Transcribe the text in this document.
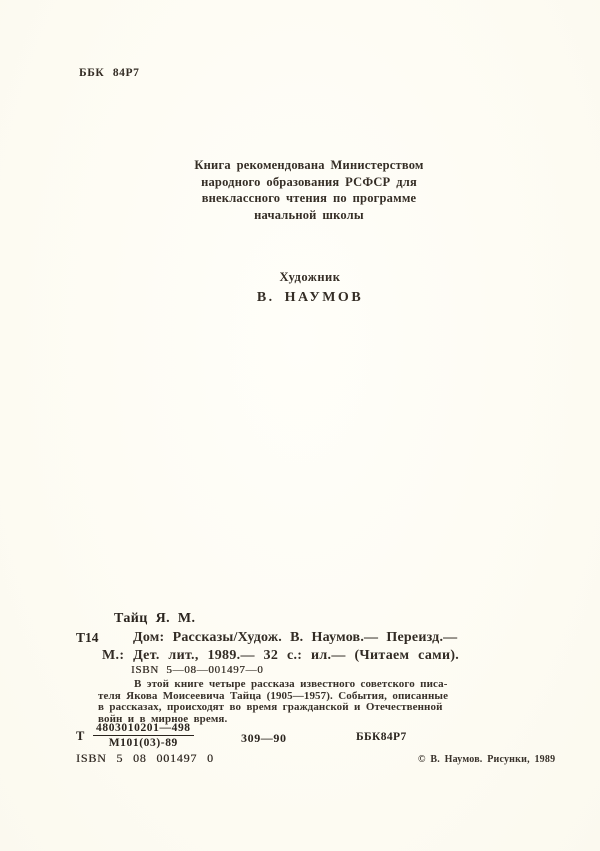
ББК 84Р7
Книга рекомендована Министерством
народного образования РСФСР для
внеклассного чтения по программе
начальной школы
Художник
В. НАУМОВ
Тайц Я. М.
Т14 Дом: Рассказы/Худож. В. Наумов.— Переизд.—
М.: Дет. лит., 1989.— 32 с.: ил.— (Читаем сами).
ISBN 5—08—001497—0
В этой книге четыре рассказа известного советского писа-
теля Якова Моисеевича Тайца (1905—1957). События, описанные
в рассказах, происходят во время гражданской и Отечественной
войн и в мирное время.
Т
4803010201—498
М101(03)-89	309—90	ББК84Р7
ISBN 5 08 001497 0	© В. Наумов. Рисунки, 1989
